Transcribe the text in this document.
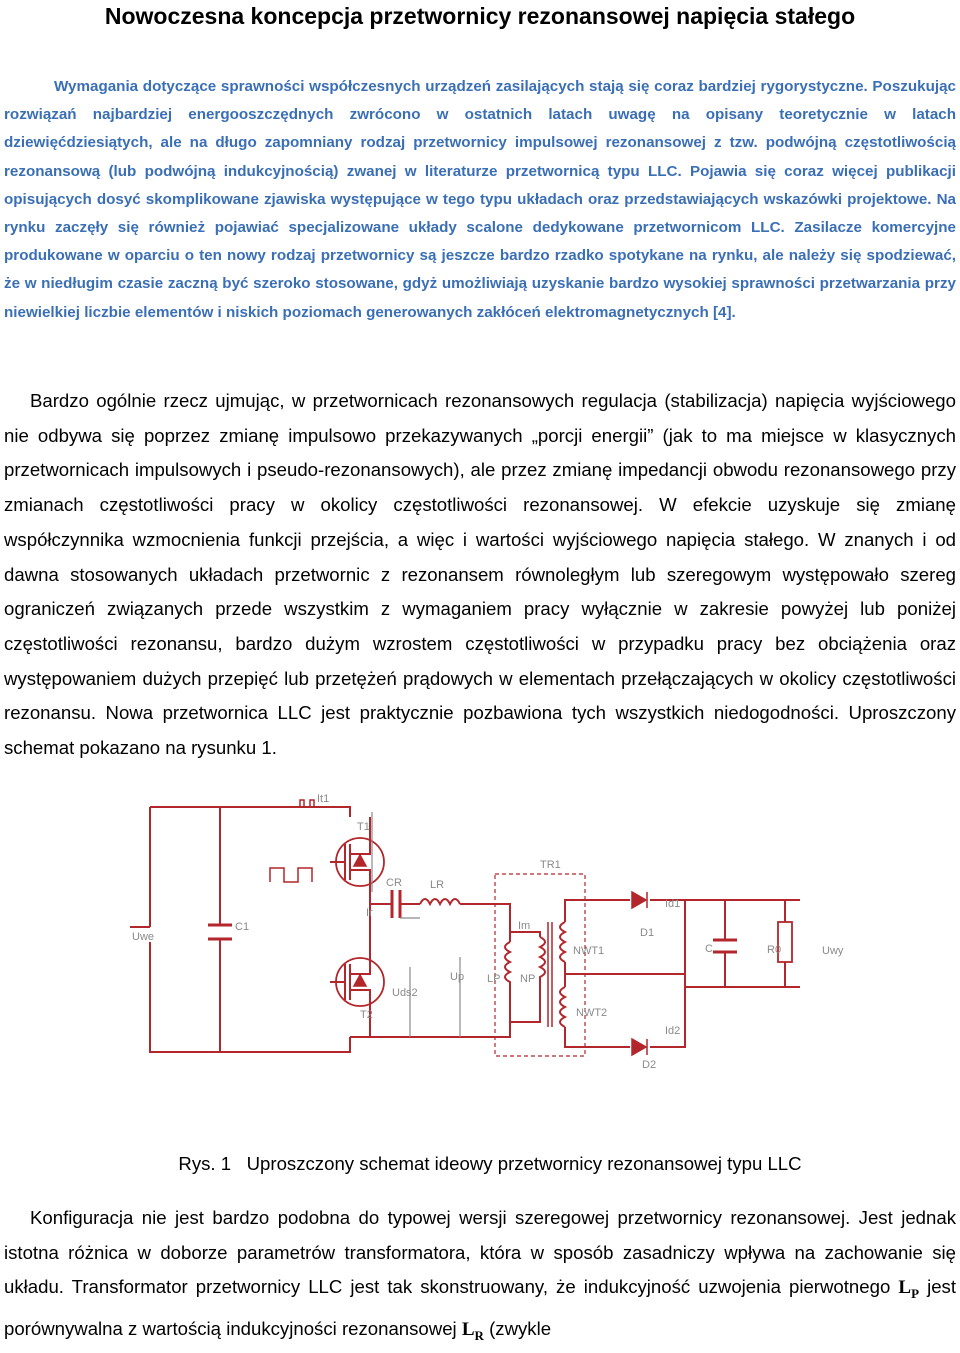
Nowoczesna koncepcja przetwornicy rezonansowej napięcia stałego
Wymagania dotyczące sprawności współczesnych urządzeń zasilających stają się coraz bardziej rygorystyczne. Poszukując rozwiązań najbardziej energooszczędnych zwrócono w ostatnich latach uwagę na opisany teoretycznie w latach dziewięćdziesiątych, ale na długo zapomniany rodzaj przetwornicy impulsowej rezonansowej z tzw. podwójną częstotliwością rezonansową (lub podwójną indukcyjnością) zwanej w literaturze przetwornicą typu LLC. Pojawia się coraz więcej publikacji opisujących dosyć skomplikowane zjawiska występujące w tego typu układach oraz przedstawiających wskazówki projektowe. Na rynku zaczęły się również pojawiać specjalizowane układy scalone dedykowane przetwornicom LLC. Zasilacze komercyjne produkowane w oparciu o ten nowy rodzaj przetwornicy są jeszcze bardzo rzadko spotykane na rynku, ale należy się spodziewać, że w niedługim czasie zaczną być szeroko stosowane, gdyż umożliwiają uzyskanie bardzo wysokiej sprawności przetwarzania przy niewielkiej liczbie elementów i niskich poziomach generowanych zakłóceń elektromagnetycznych [4].
Bardzo ogólnie rzecz ujmując, w przetwornicach rezonansowych regulacja (stabilizacja) napięcia wyjściowego nie odbywa się poprzez zmianę impulsowo przekazywanych „porcji energii” (jak to ma miejsce w klasycznych przetwornicach impulsowych i pseudo-rezonansowych), ale przez zmianę impedancji obwodu rezonansowego przy zmianach częstotliwości pracy w okolicy częstotliwości rezonansowej. W efekcie uzyskuje się zmianę współczynnika wzmocnienia funkcji przejścia, a więc i wartości wyjściowego napięcia stałego. W znanych i od dawna stosowanych układach przetwornic z rezonansem równoległym lub szeregowym występowało szereg ograniczeń związanych przede wszystkim z wymaganiem pracy wyłącznie w zakresie powyżej lub poniżej częstotliwości rezonansu, bardzo dużym wzrostem częstotliwości w przypadku pracy bez obciążenia oraz występowaniem dużych przepięć lub przetężeń prądowych w elementach przełączających w okolicy częstotliwości rezonansu. Nowa przetwornica LLC jest praktycznie pozbawiona tych wszystkich niedogodności. Uproszczony schemat pokazano na rysunku 1.
Uwe
C1
It1
T1
T2
Uds2
CR	LR
Ir
TR1
Im
Up LP NP
NWT1
NWT2
Id1
D1
Id2
D2
C	R0	Uwy
Rys. 1 Uproszczony schemat ideowy przetwornicy rezonansowej typu LLC
Konfiguracja nie jest bardzo podobna do typowej wersji szeregowej przetwornicy rezonansowej. Jest jednak istotna różnica w doborze parametrów transformatora, która w sposób zasadniczy wpływa na zachowanie się układu. Transformator przetwornicy LLC jest tak skonstruowany, że indukcyjność uzwojenia pierwotnego $L_P$ jest porównywalna z wartością indukcyjności rezonansowej $L_R$ (zwykle
